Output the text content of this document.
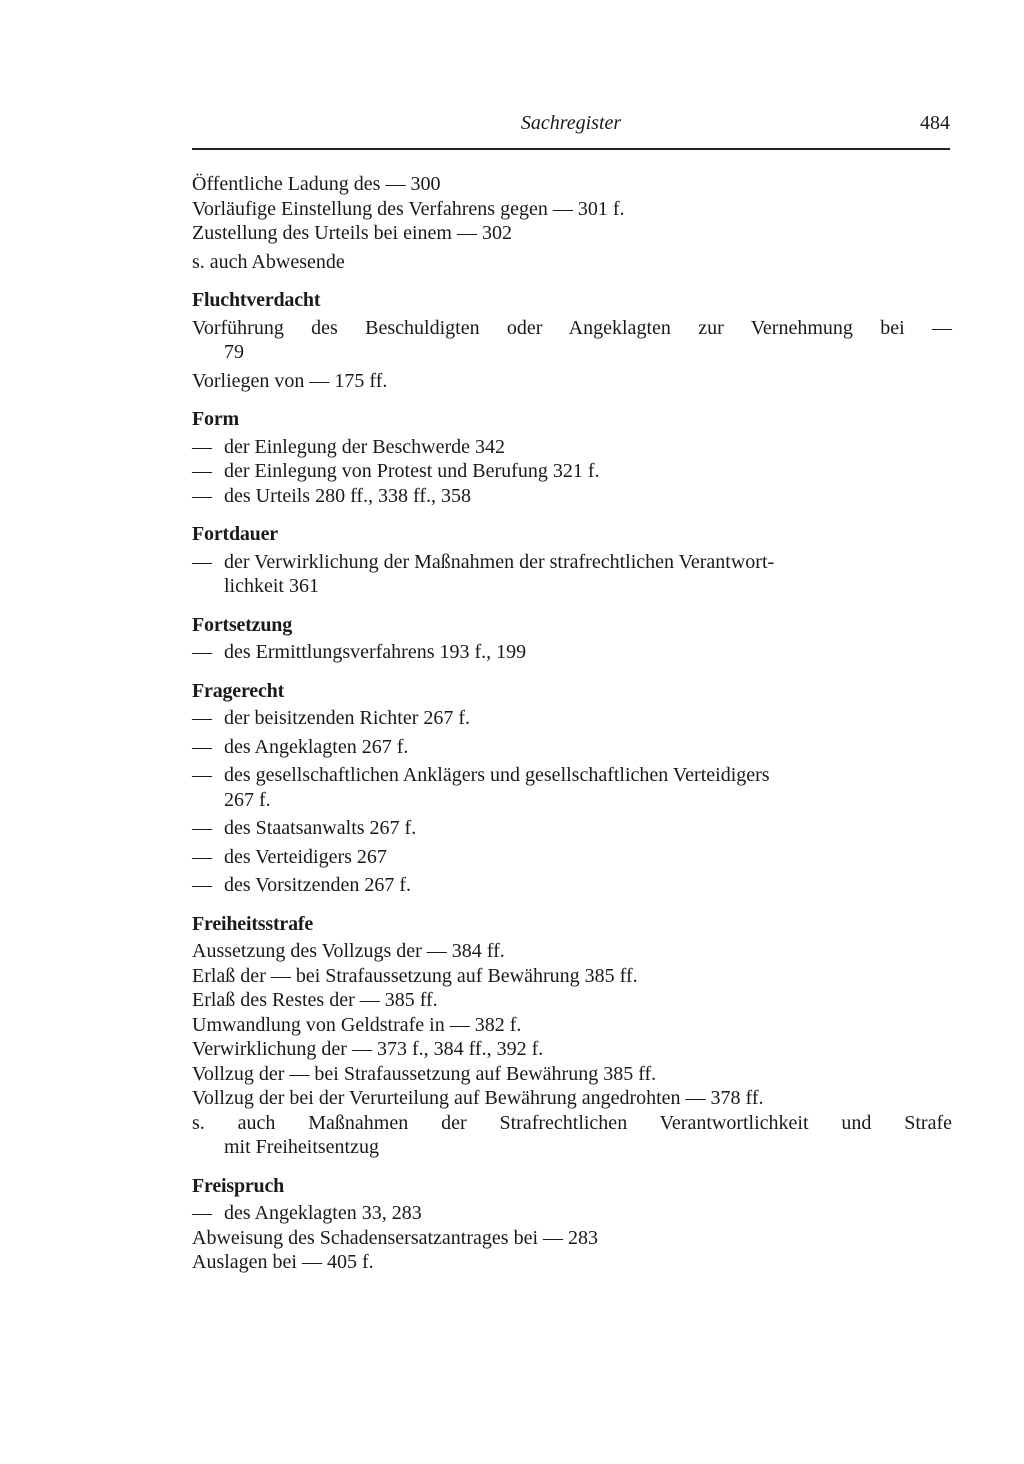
Sachregister	484
Öffentliche Ladung des — 300
Vorläufige Einstellung des Verfahrens gegen — 301 f.
Zustellung des Urteils bei einem — 302
s. auch Abwesende
Fluchtverdacht
Vorführung des Beschuldigten oder Angeklagten zur Vernehmung bei —
79
Vorliegen von — 175 ff.
Form
— der Einlegung der Beschwerde 342
— der Einlegung von Protest und Berufung 321 f.
— des Urteils 280 ff., 338 ff., 358
Fortdauer
— der Verwirklichung der Maßnahmen der strafrechtlichen Verantwort-
lichkeit 361
Fortsetzung
— des Ermittlungsverfahrens 193 f., 199
Fragerecht
— der beisitzenden Richter 267 f.
— des Angeklagten 267 f.
— des gesellschaftlichen Anklägers und gesellschaftlichen Verteidigers
267 f.
— des Staatsanwalts 267 f.
— des Verteidigers 267
— des Vorsitzenden 267 f.
Freiheitsstrafe
Aussetzung des Vollzugs der — 384 ff.
Erlaß der — bei Strafaussetzung auf Bewährung 385 ff.
Erlaß des Restes der — 385 ff.
Umwandlung von Geldstrafe in — 382 f.
Verwirklichung der — 373 f., 384 ff., 392 f.
Vollzug der — bei Strafaussetzung auf Bewährung 385 ff.
Vollzug der bei der Verurteilung auf Bewährung angedrohten — 378 ff.
s. auch Maßnahmen der Strafrechtlichen Verantwortlichkeit und Strafe
mit Freiheitsentzug
Freispruch
— des Angeklagten 33, 283
Abweisung des Schadensersatzantrages bei — 283
Auslagen bei — 405 f.
